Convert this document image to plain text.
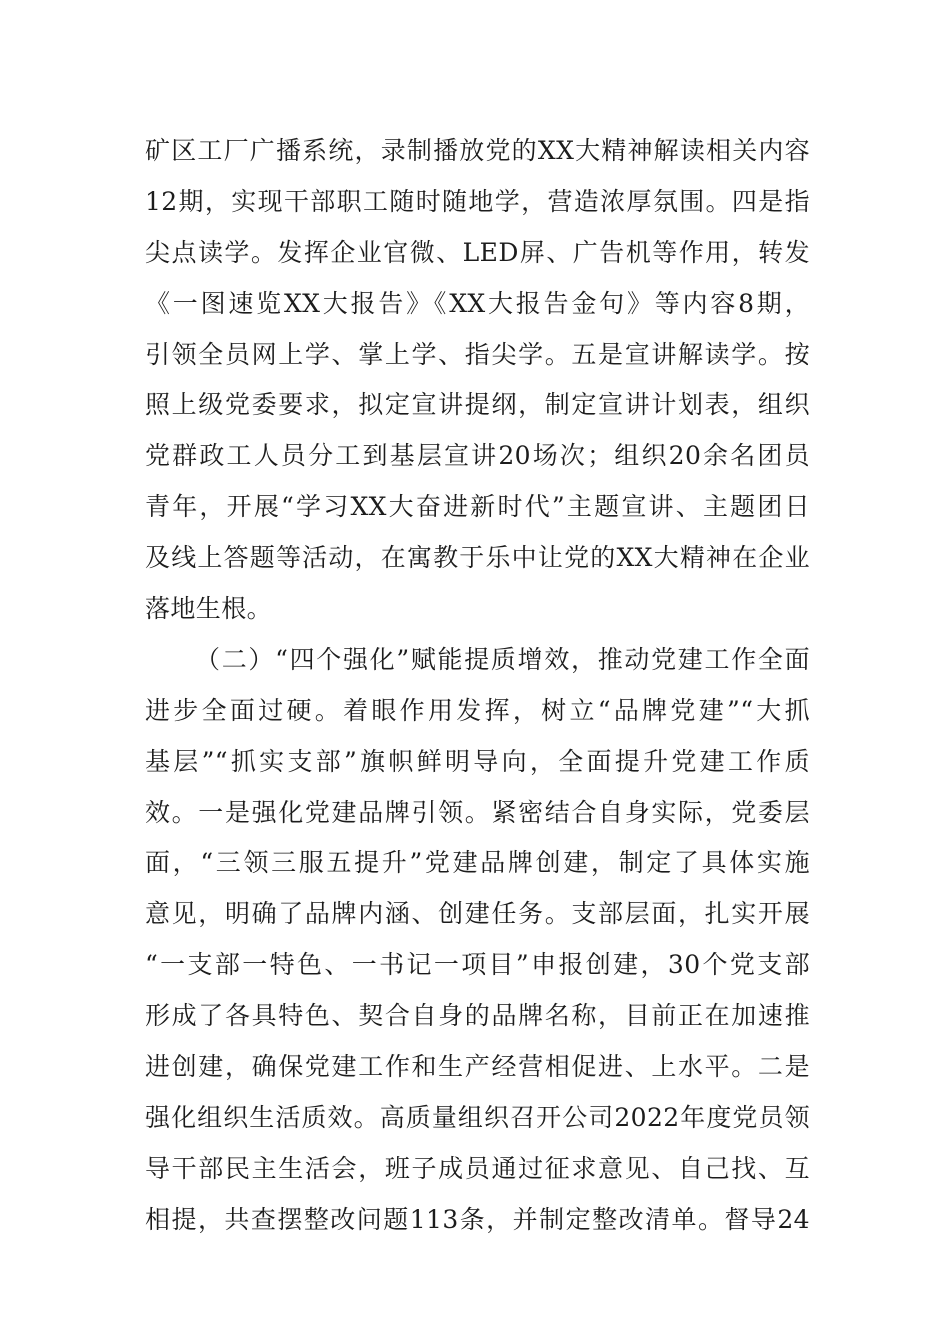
矿区工厂广播系统，录制播放党的XX大精神解读相关内容
12期，实现干部职工随时随地学，营造浓厚氛围。四是指
尖点读学。发挥企业官微、LED屏、广告机等作用，转发
《一图速览XX大报告》《XX大报告金句》等内容8期，
引领全员网上学、掌上学、指尖学。五是宣讲解读学。按
照上级党委要求，拟定宣讲提纲，制定宣讲计划表，组织
党群政工人员分工到基层宣讲20场次；组织20余名团员
青年，开展“学习XX大奋进新时代”主题宣讲、主题团日
及线上答题等活动，在寓教于乐中让党的XX大精神在企业
落地生根。
（二）“四个强化”赋能提质增效，推动党建工作全面
进步全面过硬。着眼作用发挥，树立“品牌党建”“大抓
基层”“抓实支部”旗帜鲜明导向，全面提升党建工作质
效。一是强化党建品牌引领。紧密结合自身实际，党委层
面，“三领三服五提升”党建品牌创建，制定了具体实施
意见，明确了品牌内涵、创建任务。支部层面，扎实开展
“一支部一特色、一书记一项目”申报创建，30个党支部
形成了各具特色、契合自身的品牌名称，目前正在加速推
进创建，确保党建工作和生产经营相促进、上水平。二是
强化组织生活质效。高质量组织召开公司2022年度党员领
导干部民主生活会，班子成员通过征求意见、自己找、互
相提，共查摆整改问题113条，并制定整改清单。督导24
